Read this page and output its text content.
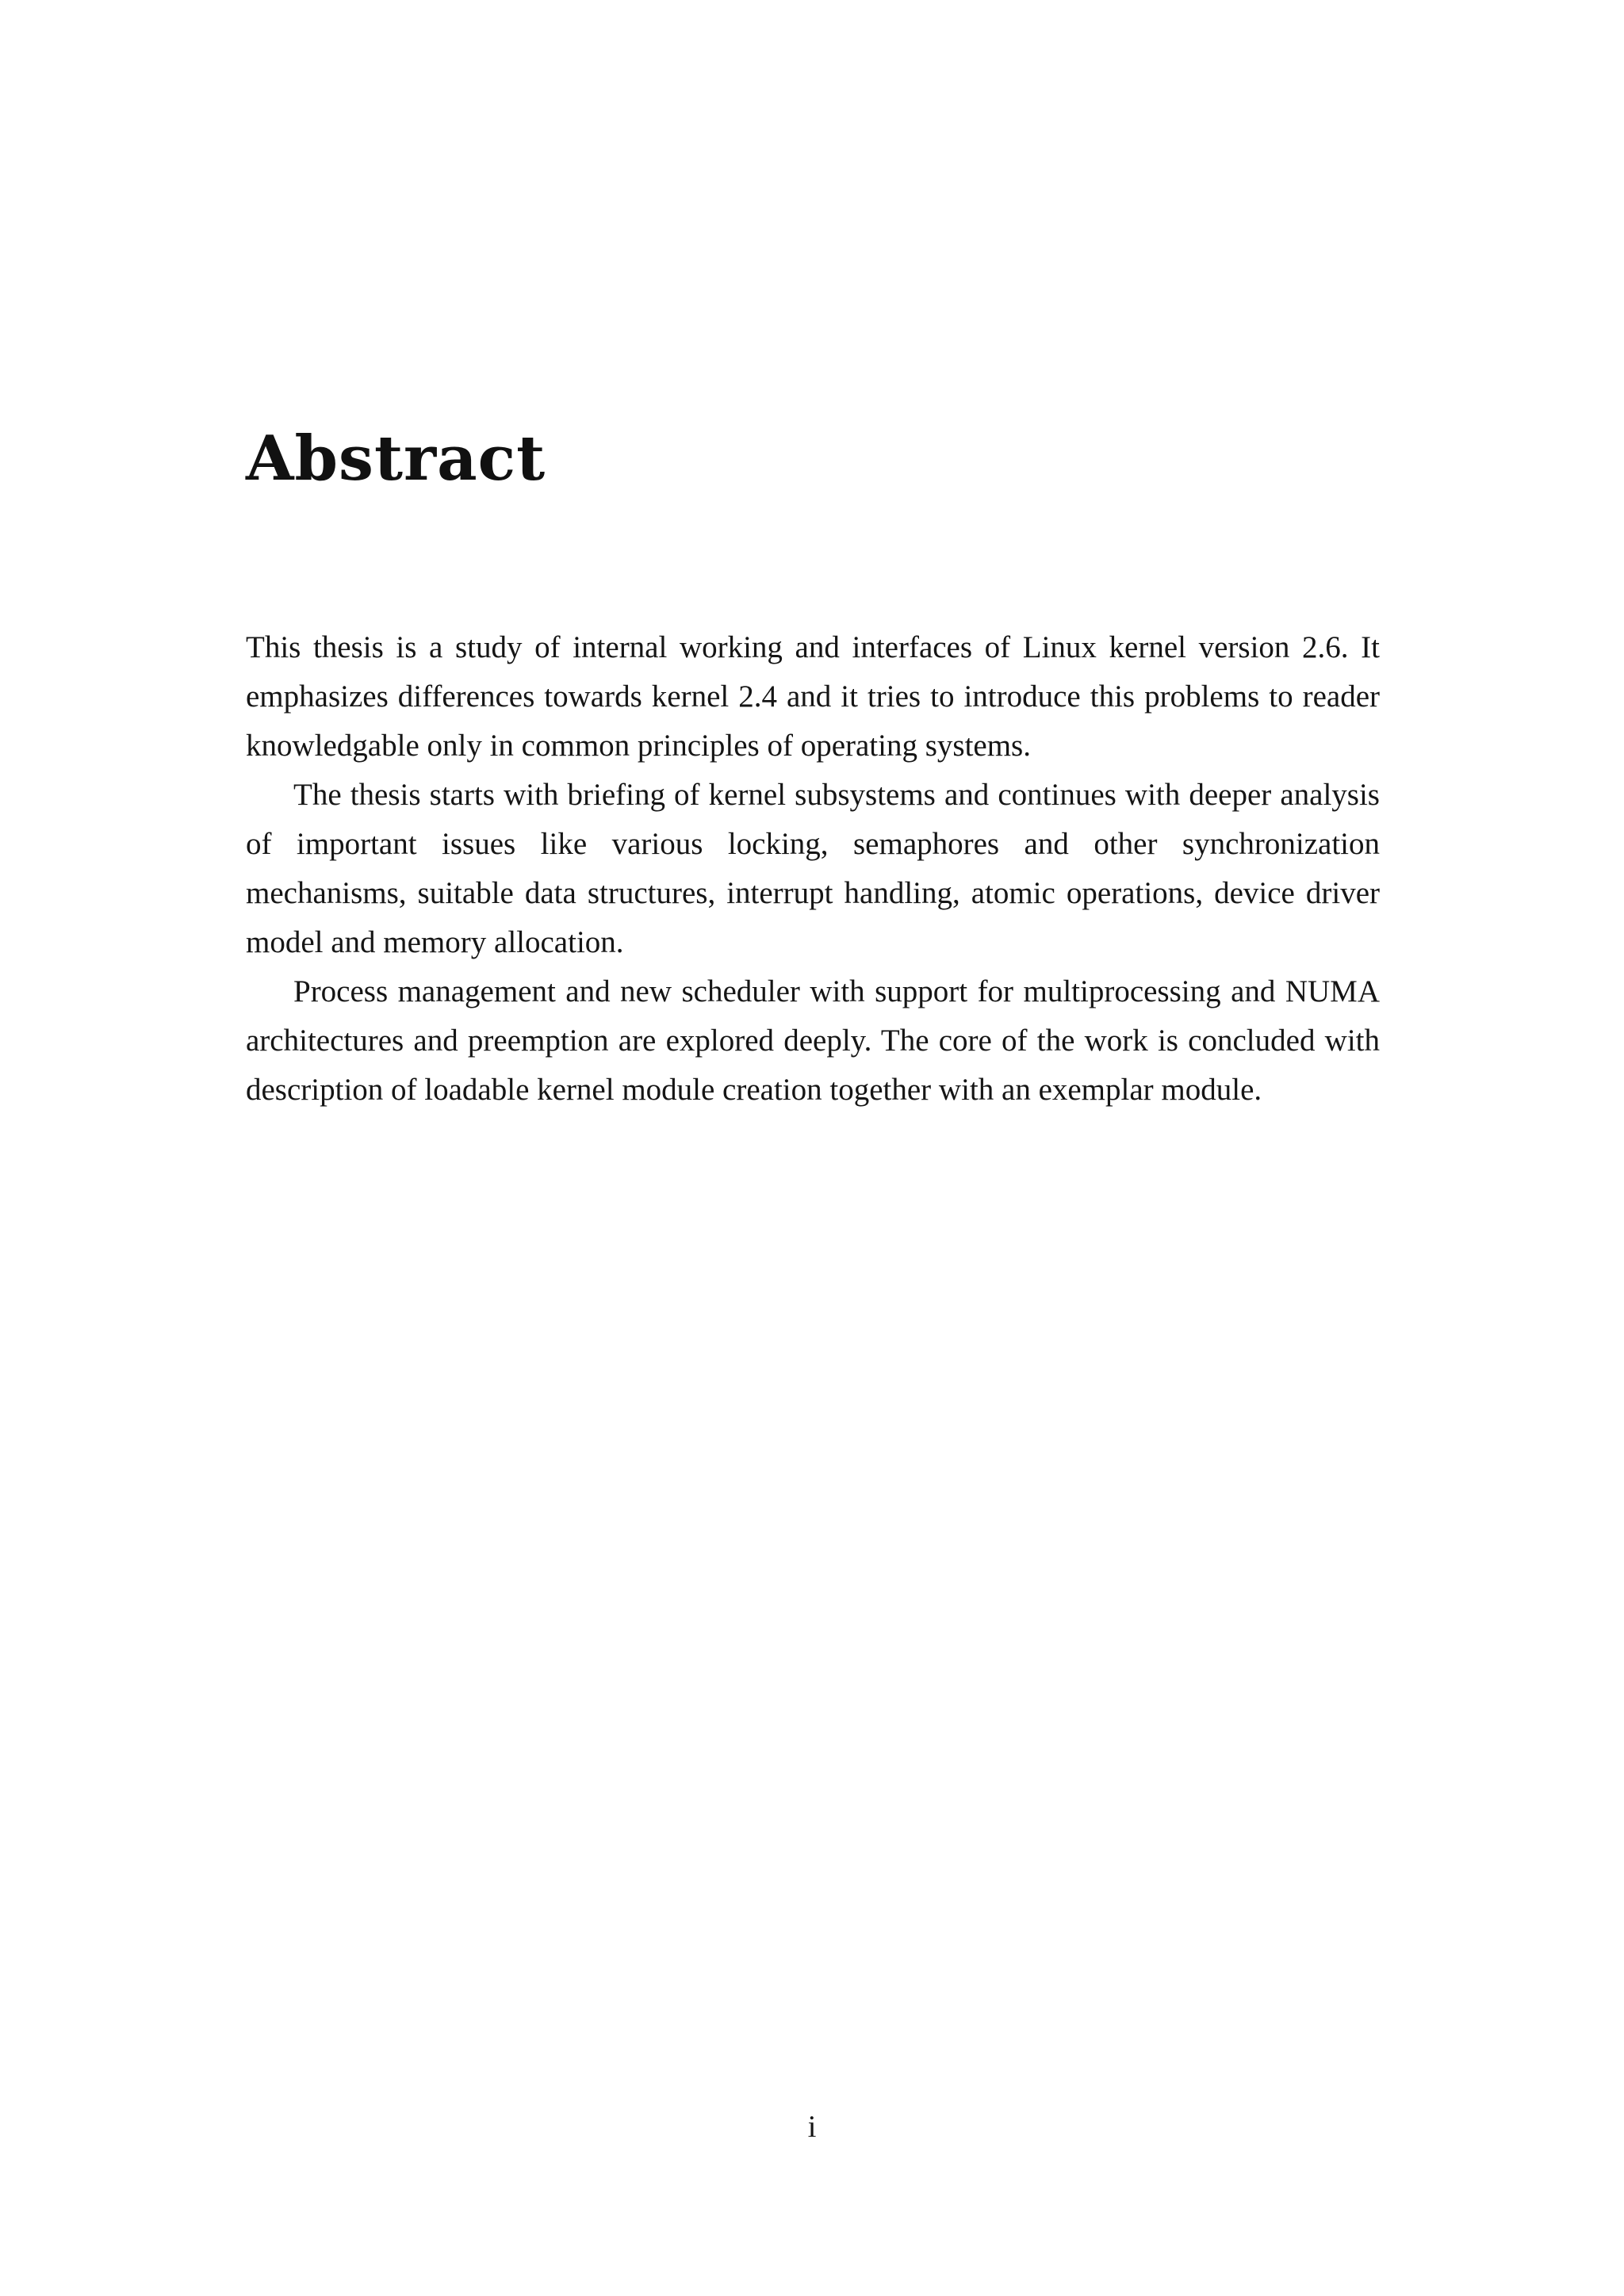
Abstract

This thesis is a study of internal working and interfaces of Linux kernel version 2.6. It emphasizes differences towards kernel 2.4 and it tries to introduce this problems to reader knowledgable only in common principles of operating systems.

The thesis starts with briefing of kernel subsystems and continues with deeper analysis of important issues like various locking, semaphores and other synchronization mechanisms, suitable data structures, interrupt handling, atomic operations, device driver model and memory allocation.

Process management and new scheduler with support for multiprocessing and NUMA architectures and preemption are explored deeply. The core of the work is concluded with description of loadable kernel module creation together with an exemplar module.

i
